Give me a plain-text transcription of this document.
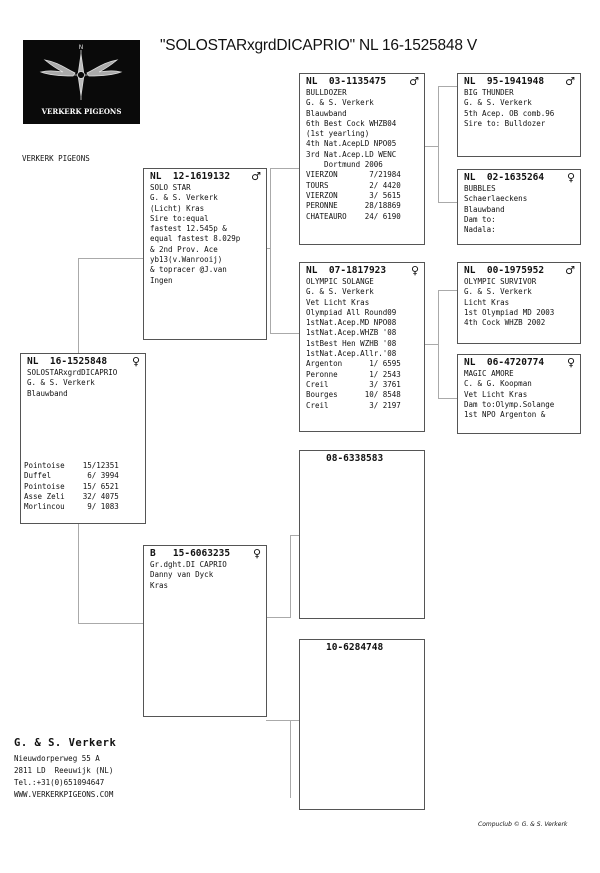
N
VERKERK PIGEONS
"SOLOSTARxgrdDICAPRIO" NL 16-1525848 V
VERKERK PIGEONS
NL 16-1525848 ♀
SOLOSTARxgrdDICAPRIO
G. & S. Verkerk
Blauwband
Pointoise    15/12351
Duffel        6/ 3994
Pointoise    15/ 6521
Asse Zeli    32/ 4075
Morlincou     9/ 1083
NL 12-1619132 ♂
SOLO STAR
G. & S. Verkerk
(Licht) Kras
Sire to:equal
fastest 12.545p &
equal fastest 8.029p
& 2nd Prov. Ace
yb13(v.Wanrooij)
& topracer @J.van
Ingen
B 15-6063235 ♀
Gr.dght.DI CAPRIO
Danny van Dyck
Kras
NL 03-1135475 ♂
BULLDOZER
G. & S. Verkerk
Blauwband
6th Best Cock WHZB04
(1st yearling)
4th Nat.AcepLD NPO05
3rd Nat.Acep.LD WENC
Dortmund 2006
VIERZON       7/21984
TOURS         2/ 4420
VIERZON       3/ 5615
PERONNE      28/18869
CHATEAURO    24/ 6190
NL 07-1817923 ♀
OLYMPIC SOLANGE
G. & S. Verkerk
Vet Licht Kras
Olympiad All Round09
1stNat.Acep.MD NPO08
1stNat.Acep.WHZB '08
1stBest Hen WZHB '08
1stNat.Acep.Allr.'08
Argenton      1/ 6595
Peronne       1/ 2543
Creil         3/ 3761
Bourges      10/ 8548
Creil         3/ 2197
08-6338583
10-6284748
NL 95-1941948 ♂
BIG THUNDER
G. & S. Verkerk
5th Acep. OB comb.96
Sire to: Bulldozer
NL 02-1635264 ♀
BUBBLES
Schaerlaeckens
Blauwband
Dam to:
Nadala:
NL 00-1975952 ♂
OLYMPIC SURVIVOR
G. & S. Verkerk
Licht Kras
1st Olympiad MD 2003
4th Cock WHZB 2002
NL 06-4720774 ♀
MAGIC AMORE
C. & G. Koopman
Vet Licht Kras
Dam to:Olymp.Solange
1st NPO Argenton &
G. & S. Verkerk
Nieuwdorperweg 55 A
2811 LD  Reeuwijk (NL)
Tel.:+31(0)651094647
WWW.VERKERKPIGEONS.COM
Compuclub © G. & S. Verkerk
